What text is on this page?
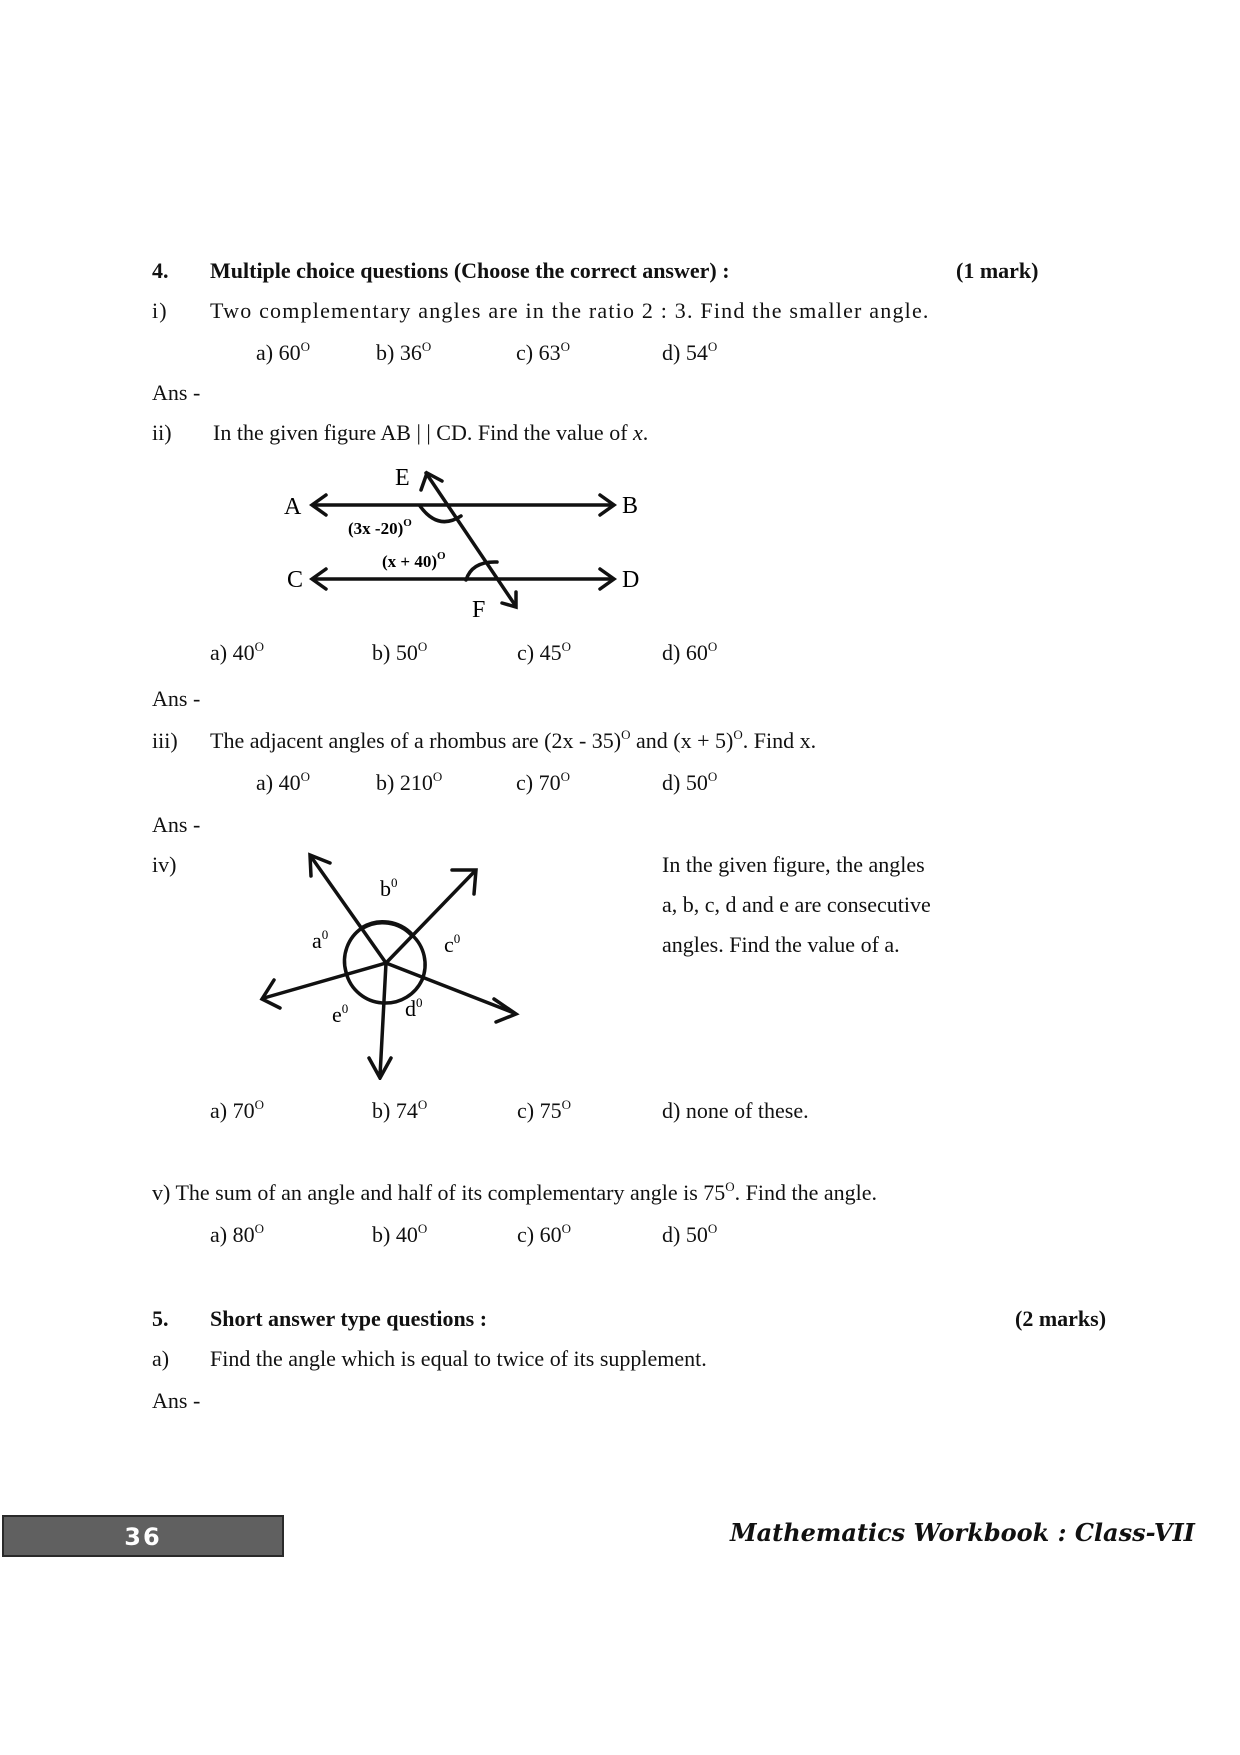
4. Multiple choice questions (Choose the correct answer) :	(1 mark)
i) Two complementary angles are in the ratio 2 : 3. Find the smaller angle.
a) $60^O$	b) $36^O$	c) $63^O$	d) $54^O$
Ans -
ii) In the given figure AB | | CD. Find the value of x.
A	B
C	D
E
F
(3x -20)$^O$
$(x + 40)^O$
a) $40^O$	b) $50^O$	c) $45^O$	d) $60^O$
Ans -
iii) The adjacent angles of a rhombus are (2x - 35)$^O$ and $(x + 5)^O$. Find x.
a) $40^O$	b) $210^O$	c) $70^O$	d) $50^O$
Ans -
iv)
$b^0$
$a^0$	$c^0$
$d^0$
$e^0$
In the given figure, the angles
a, b, c, d and e are consecutive
angles. Find the value of a.
a) $70^O$	b) $74^O$	c) $75^O$	d) none of these.
v) The sum of an angle and half of its complementary angle is $75^O$. Find the angle.
a) $80^O$	b) $40^O$	c) $60^O$	d) $50^O$
5. Short answer type questions :	(2 marks)
a) Find the angle which is equal to twice of its supplement.
Ans -
36	Mathematics Workbook : Class-VII
